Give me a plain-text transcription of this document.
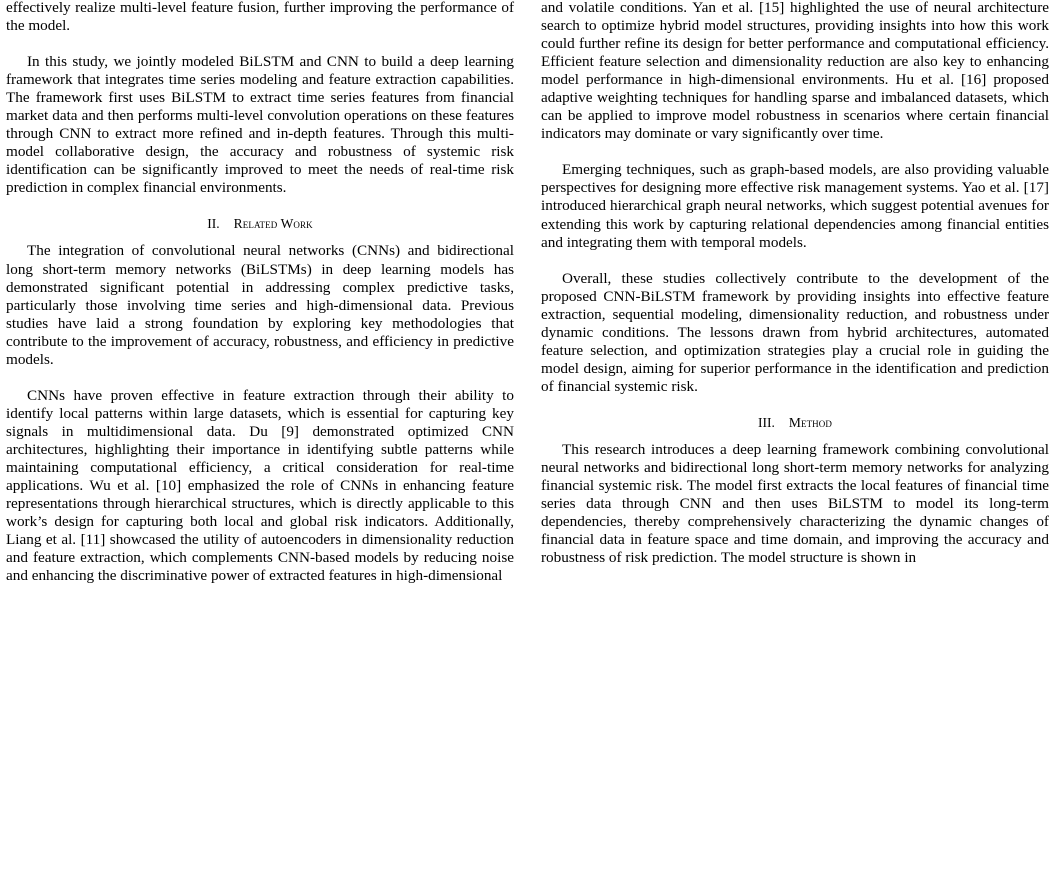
effectively realize multi-level feature fusion, further improving the performance of the model.

In this study, we jointly modeled BiLSTM and CNN to build a deep learning framework that integrates time series modeling and feature extraction capabilities. The framework first uses BiLSTM to extract time series features from financial market data and then performs multi-level convolution operations on these features through CNN to extract more refined and in-depth features. Through this multi-model collaborative design, the accuracy and robustness of systemic risk identification can be significantly improved to meet the needs of real-time risk prediction in complex financial environments.

II. Related Work

The integration of convolutional neural networks (CNNs) and bidirectional long short-term memory networks (BiLSTMs) in deep learning models has demonstrated significant potential in addressing complex predictive tasks, particularly those involving time series and high-dimensional data. Previous studies have laid a strong foundation by exploring key methodologies that contribute to the improvement of accuracy, robustness, and efficiency in predictive models.

CNNs have proven effective in feature extraction through their ability to identify local patterns within large datasets, which is essential for capturing key signals in multidimensional data. Du [9] demonstrated optimized CNN architectures, highlighting their importance in identifying subtle patterns while maintaining computational efficiency, a critical consideration for real-time applications. Wu et al. [10] emphasized the role of CNNs in enhancing feature representations through hierarchical structures, which is directly applicable to this work’s design for capturing both local and global risk indicators. Additionally, Liang et al. [11] showcased the utility of autoencoders in dimensionality reduction and feature extraction, which complements CNN-based models by reducing noise and enhancing the discriminative power of extracted features in high-dimensional

and volatile conditions. Yan et al. [15] highlighted the use of neural architecture search to optimize hybrid model structures, providing insights into how this work could further refine its design for better performance and computational efficiency. Efficient feature selection and dimensionality reduction are also key to enhancing model performance in high-dimensional environments. Hu et al. [16] proposed adaptive weighting techniques for handling sparse and imbalanced datasets, which can be applied to improve model robustness in scenarios where certain financial indicators may dominate or vary significantly over time.

Emerging techniques, such as graph-based models, are also providing valuable perspectives for designing more effective risk management systems. Yao et al. [17] introduced hierarchical graph neural networks, which suggest potential avenues for extending this work by capturing relational dependencies among financial entities and integrating them with temporal models.

Overall, these studies collectively contribute to the development of the proposed CNN-BiLSTM framework by providing insights into effective feature extraction, sequential modeling, dimensionality reduction, and robustness under dynamic conditions. The lessons drawn from hybrid architectures, automated feature selection, and optimization strategies play a crucial role in guiding the model design, aiming for superior performance in the identification and prediction of financial systemic risk.

III. Method

This research introduces a deep learning framework combining convolutional neural networks and bidirectional long short-term memory networks for analyzing financial systemic risk. The model first extracts the local features of financial time series data through CNN and then uses BiLSTM to model its long-term dependencies, thereby comprehensively characterizing the dynamic changes of financial data in feature space and time domain, and improving the accuracy and robustness of risk prediction. The model structure is shown in
